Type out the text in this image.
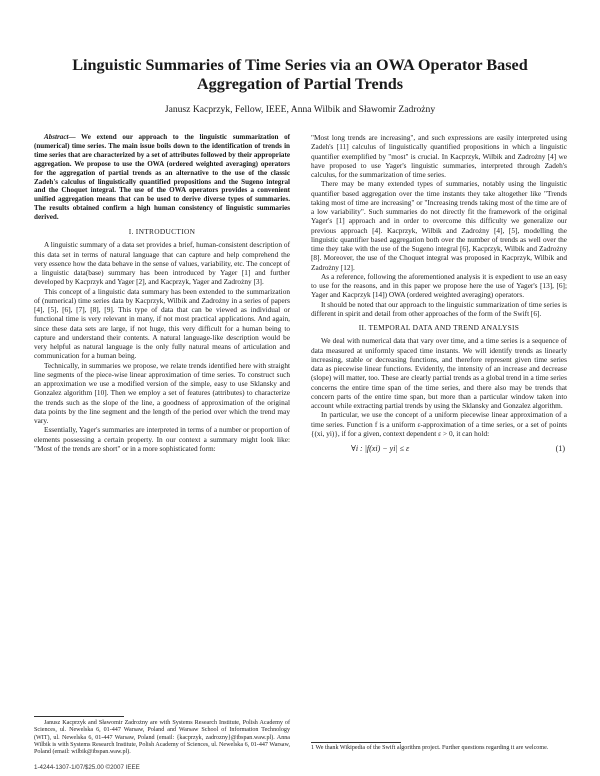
Linguistic Summaries of Time Series via an OWA Operator Based Aggregation of Partial Trends

Janusz Kacprzyk, Fellow, IEEE, Anna Wilbik and Sławomir Zadrożny

Abstract— We extend our approach to the linguistic summarization of (numerical) time series. The main issue boils down to the identification of trends in time series that are characterized by a set of attributes followed by their appropriate aggregation. We propose to use the OWA (ordered weighted averaging) operators for the aggregation of partial trends as an alternative to the use of the classic Zadeh's calculus of linguistically quantified propositions and the Sugeno integral and the Choquet integral. The use of the OWA operators provides a convenient unified aggregation means that can be used to derive diverse types of summaries. The results obtained confirm a high human consistency of linguistic summaries derived.

I. INTRODUCTION

A linguistic summary of a data set provides a brief, human-consistent description of this data set in terms of natural language that can capture and help comprehend the very essence how the data behave in the sense of values, variability, etc. The concept of a linguistic data(base) summary has been introduced by Yager [1] and further developed by Kacprzyk and Yager [2], and Kacprzyk, Yager and Zadrożny [3].

This concept of a linguistic data summary has been extended to the summarization of (numerical) time series data by Kacprzyk, Wilbik and Zadrożny in a series of papers [4], [5], [6], [7], [8], [9]. This type of data that can be viewed as individual or functional time is very relevant in many, if not most practical applications. And again, since these data sets are large, if not huge, this very difficult for a human being to capture and understand their contents. A natural language-like description would be very helpful as natural language is the only fully natural means of articulation and communication for a human being.

Technically, in summaries we propose, we relate trends identified here with straight line segments of the piece-wise linear approximation of time series. To construct such an approximation we use a modified version of the simple, easy to use Sklansky and Gonzalez algorithm [10]. Then we employ a set of features (attributes) to characterize the trends such as the slope of the line, a goodness of approximation of the original data points by the line segment and the length of the period over which the trend may vary.

Essentially, Yager's summaries are interpreted in terms of a number or proportion of elements possessing a certain property. In our context a summary might look like: "Most of the trends are short" or in a more sophisticated form:

Janusz Kacprzyk and Sławomir Zadrożny are with Systems Research Institute, Polish Academy of Sciences, ul. Newelska 6, 01-447 Warsaw, Poland and Warsaw School of Information Technology (WIT), ul. Newelska 6, 01-447 Warsaw, Poland (email: {kacprzyk, zadrozny}@ibspan.waw.pl). Anna Wilbik is with Systems Research Institute, Polish Academy of Sciences, ul. Newelska 6, 01-447 Warsaw, Poland (email: wilbik@ibspan.waw.pl).

"Most long trends are increasing", and such expressions are easily interpreted using Zadeh's [11] calculus of linguistically quantified propositions in which a linguistic quantifier exemplified by "most" is crucial. In Kacprzyk, Wilbik and Zadrożny [4] we have proposed to use Yager's linguistic summaries, interpreted through Zadeh's calculus, for the summarization of time series.

There may be many extended types of summaries, notably using the linguistic quantifier based aggregation over the time instants they take altogether like "Trends taking most of time are increasing" or "Increasing trends taking most of the time are of a low variability". Such summaries do not directly fit the framework of the original Yager's [1] approach and in order to overcome this difficulty we generalize our previous approach [4]. Kacprzyk, Wilbik and Zadrożny [4], [5], modelling the linguistic quantifier based aggregation both over the number of trends as well over the time they take with the use of the Sugeno integral [6], Kacprzyk, Wilbik and Zadrożny [8]. Moreover, the use of the Choquet integral was proposed in Kacprzyk, Wilbik and Zadrożny [12].

As a reference, following the aforementioned analysis it is expedient to use an easy to use for the reasons, and in this paper we propose here the use of Yager's [13], [6]; Yager and Kacprzyk [14]) OWA (ordered weighted averaging) operators.

It should be noted that our approach to the linguistic summarization of time series is different in spirit and detail from other approaches of the form of the Swift [6].

II. TEMPORAL DATA AND TREND ANALYSIS

We deal with numerical data that vary over time, and a time series is a sequence of data measured at uniformly spaced time instants. We will identify trends as linearly increasing, stable or decreasing functions, and therefore represent given time series data as piecewise linear functions. Evidently, the intensity of an increase and decrease (slope) will matter, too. These are clearly partial trends as a global trend in a time series concerns the entire time span of the time series, and there also may be trends that concern parts of the entire time span, but more than a particular window taken into account while extracting partial trends by using the Sklansky and Gonzalez algorithm.

In particular, we use the concept of a uniform piecewise linear approximation of a time series. Function f is a uniform ε-approximation of a time series, or a set of points {(xi, yi)}, if for a given, context dependent ε > 0, it can hold:

∀i : |f(xi) − yi| ≤ ε	(1)
1 We thank Wikipedia of the Swift algorithm project. Further questions regarding it are welcome.
1-4244-1307-1/07/$25.00 ©2007 IEEE
